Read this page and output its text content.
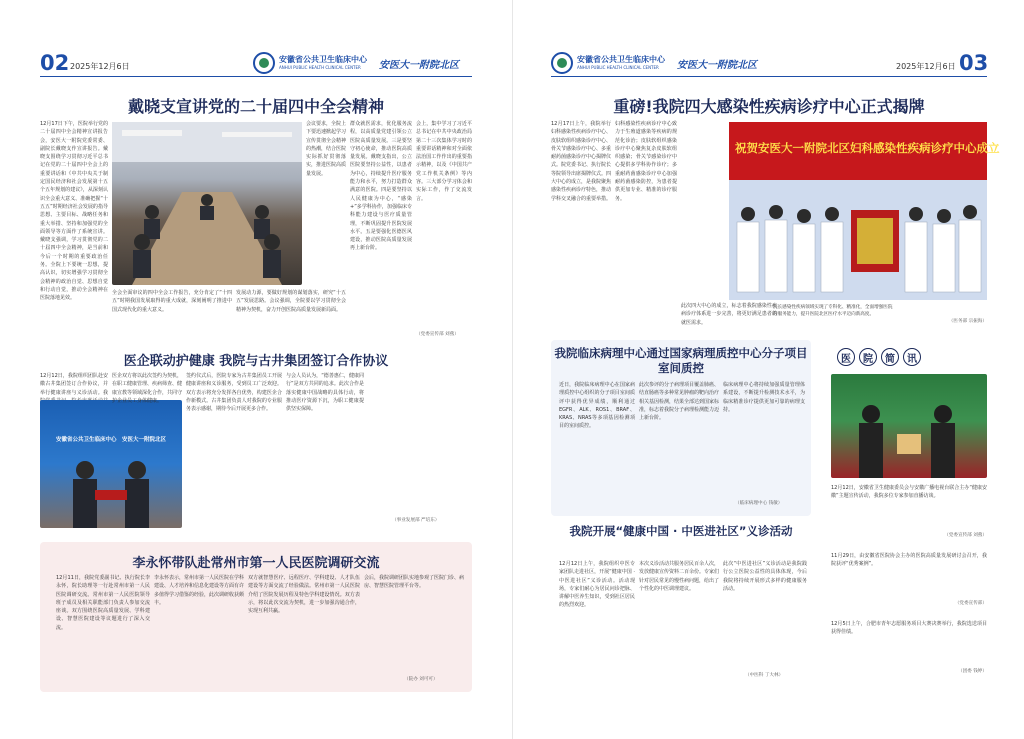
02 2025年12月6日
安徽省公共卫生临床中心
ANHUI PUBLIC HEALTH CLINICAL CENTER	安医大一附院北区
戴晓支宣讲党的二十届四中全会精神
12月17日下午，医院举行党的二十届四中全会精神宣讲报告会，安医大一附院党委常委、副院长戴晓支作宣讲报告。戴晓支围绕学习贯彻习近平总书记在党的二十届四中全会上的重要讲话和《中共中央关于制定国民经济和社会发展第十五个五年规划的建议》，从深刻认识全会重大意义、准确把握“十五五”时期经济社会发展的指导思想、主要目标、战略任务和重大举措、坚持和加强党的全面领导等方面作了系统宣讲。戴晓支强调，学习贯彻党的二十届四中全会精神，是当前和今后一个时期的重要政治任务。全院上下要统一思想，提高认识，切实增强学习贯彻全会精神的政治自觉、思想自觉和行动自觉，推动全会精神在医院落地见效。
会议要求，全院上下要迅速掀起学习宣传贯彻全会精神的热潮，结合医院实际抓好贯彻落实，推进医院高质量发展。
群众就医需求，优化服务流程，以高质量党建引领公立医院高质量发展。三是要坚守初心使命，推动医院高质量发展。戴晓支指出，公立医院要坚持公益性，以患者为中心，持续提升医疗服务能力和水平，努力打造群众满意的医院。四是要坚持以人民健康为中心，“感染+”多学科协作，加强临床专科能力建设与医疗质量管理，不断巩固提升医院发展水平。五是要强化医德医风建设，推动医院高质量发展再上新台阶。
会上，集中学习了习近平总书记在中共中央政治局第二十三次集体学习时的重要讲话精神和对全面依法治国工作作出的重要指示精神，以及《中国共产党工作机关条例》等内容。三大部分学习体会和实际工作，作了交流发言。
全会全面审议的四中全会工作报告，充分肯定了“十四五”时期我国发展取得的重大成就，深刻阐明了推进中国式现代化的重大意义。
发展动力源，要做好规划的谋划落实，研究“十五五”发展思路。会议强调，全院要以学习贯彻全会精神为契机，奋力开创医院高质量发展新局面。
（党委宣传部 刘燕）
医企联动护健康 我院与古井集团签订合作协议
12月12日，我院组织团队赴安徽古井集团签订合作协议，并举行健康讲座与义诊活动。我
安徽省公共卫生临床中心　安医大一附院北区
医企双方将以此次签约为契机，在职工健康管理、疾病筛查、健康宣教等领域深化合作，共同守护企业员工身体健康。
签约仪式后，医院专家为古井集团员工开展健康讲座和义诊服务，受到员工广泛欢迎。双方表示将充分发挥各自优势，构建医企合作新模式。古井集团负责人对我院的专业服务表示感谢，期待今后开展更多合作。
与会人员认为，“德善惠仁，健康同行”是双方共同的追求。此次合作是落实健康中国战略的具体行动，将推动医疗资源下沉，为职工健康提供坚实保障。
（事业发展部 严培东）
李永怀带队赴常州市第一人民医院调研交流
12月11日，我院党委副书记、执行院长李永怀，院长助理等一行赴常州市第一人民医院调研交流。常州市第一人民医院领导班子成员及相关职能部门负责人参加交流座谈。双方围绕医院高质量发展、学科建设、智慧医院建设等议题进行了深入交流。
李永怀表示，常州市第一人民医院在学科建设、人才培养和信息化建设等方面有许多值得学习借鉴的经验，此次调研收获颇丰。
双方就智慧医疗、远程医疗、学科建设、人才队伍建设等方面交流了经验做法。常州市第一人民医院介绍了医院发展历程及特色学科建设情况。双方表示，将以此次交流为契机，进一步加强沟通合作，实现互利共赢。
会后，我院调研团队实地参观了医院门诊、病房、智慧医院管理平台等。
（院办 刘可可）
安徽省公共卫生临床中心
ANHUI PUBLIC HEALTH CLINICAL CENTER	安医大一附院北区	2025年12月6日 03
重磅!我院四大感染性疾病诊疗中心正式揭牌
12月17日上午，我院举行妇科感染性疾病诊疗中心、皮肤软组织感染诊疗中心、骨关节感染诊疗中心、多重耐药菌感染诊疗中心揭牌仪式。院党委书记、执行院长等院领导出席揭牌仪式。四大中心的成立，是我院聚焦感染性疾病诊疗特色，推动学科交叉融合的重要举措。
妇科感染性疾病诊疗中心致力于生殖道感染等疾病的规范化诊治；皮肤软组织感染诊疗中心聚焦复杂皮肤软组织感染；骨关节感染诊疗中心提供多学科协作诊疗；多重耐药菌感染诊疗中心加强耐药菌感染防控，为患者提供更加专业、精准的诊疗服务。
此次四大中心的成立，标志着我院感染性疾病诊疗体系进一步完善，将更好满足患者的就医需求。
祝贺安医大一附院北区妇科感染性疾病诊疗中心成立
院长感染性疾病领域实现了专科化、精准化，全面增强医院的服务能力，提升医院北区医疗水平迈向新高度。
（医务部 宗振海）
我院临床病理中心通过国家病理质控中心分子项目室间质控
近日，我院临床病理中心在国家病理质控中心组织的分子项目室间质评中获得优异成绩，顺利通过EGFR、ALK、ROS1、BRAF、KRAS、NRAS等多项基因检测项目的室间质控。
此次参评的分子病理项目覆盖肺癌、结直肠癌等多种常见肿瘤的靶向治疗相关基因检测，结果全部达到国家标准，标志着我院分子病理检测能力迈上新台阶。
临床病理中心将持续加强质量管理体系建设，不断提升检测技术水平，为临床精准诊疗提供更加可靠的病理支持。
（临床病理中心 钱敏）
我院开展“健康中国 · 中医进社区”义诊活动
12月12日上午，我院组织中医专家团队走进社区，开展“健康中国 · 中医进社区”义诊活动。活动现场，专家们耐心为居民问诊把脉、讲解中医养生知识，受到社区居民的热烈欢迎。
本次义诊活动共服务居民百余人次，发放健康宣传资料二百余份。专家们针对居民常见的慢性病问题，给出了个性化的中医调理建议。
此次“中医进社区”义诊活动是我院践行公立医院公益性的具体体现，今后我院将持续开展形式多样的健康服务活动。
（中医科 丁大林）
医	院	简	讯
12月12日，安徽省卫生健康委员会与安徽广播电视台联合主办“健康安徽”主题宣传活动，我院多位专家参加直播访谈。
（党委宣传部 刘燕）
11月29日，由安徽省医院协会主办的医院高质量发展研讨会召开，我院获评“优秀案例”。
（党委宣传部）
12月5日上午，合肥市青年志愿服务项目大赛决赛举行，我院选送项目获得佳绩。
（团委 钱婷）
